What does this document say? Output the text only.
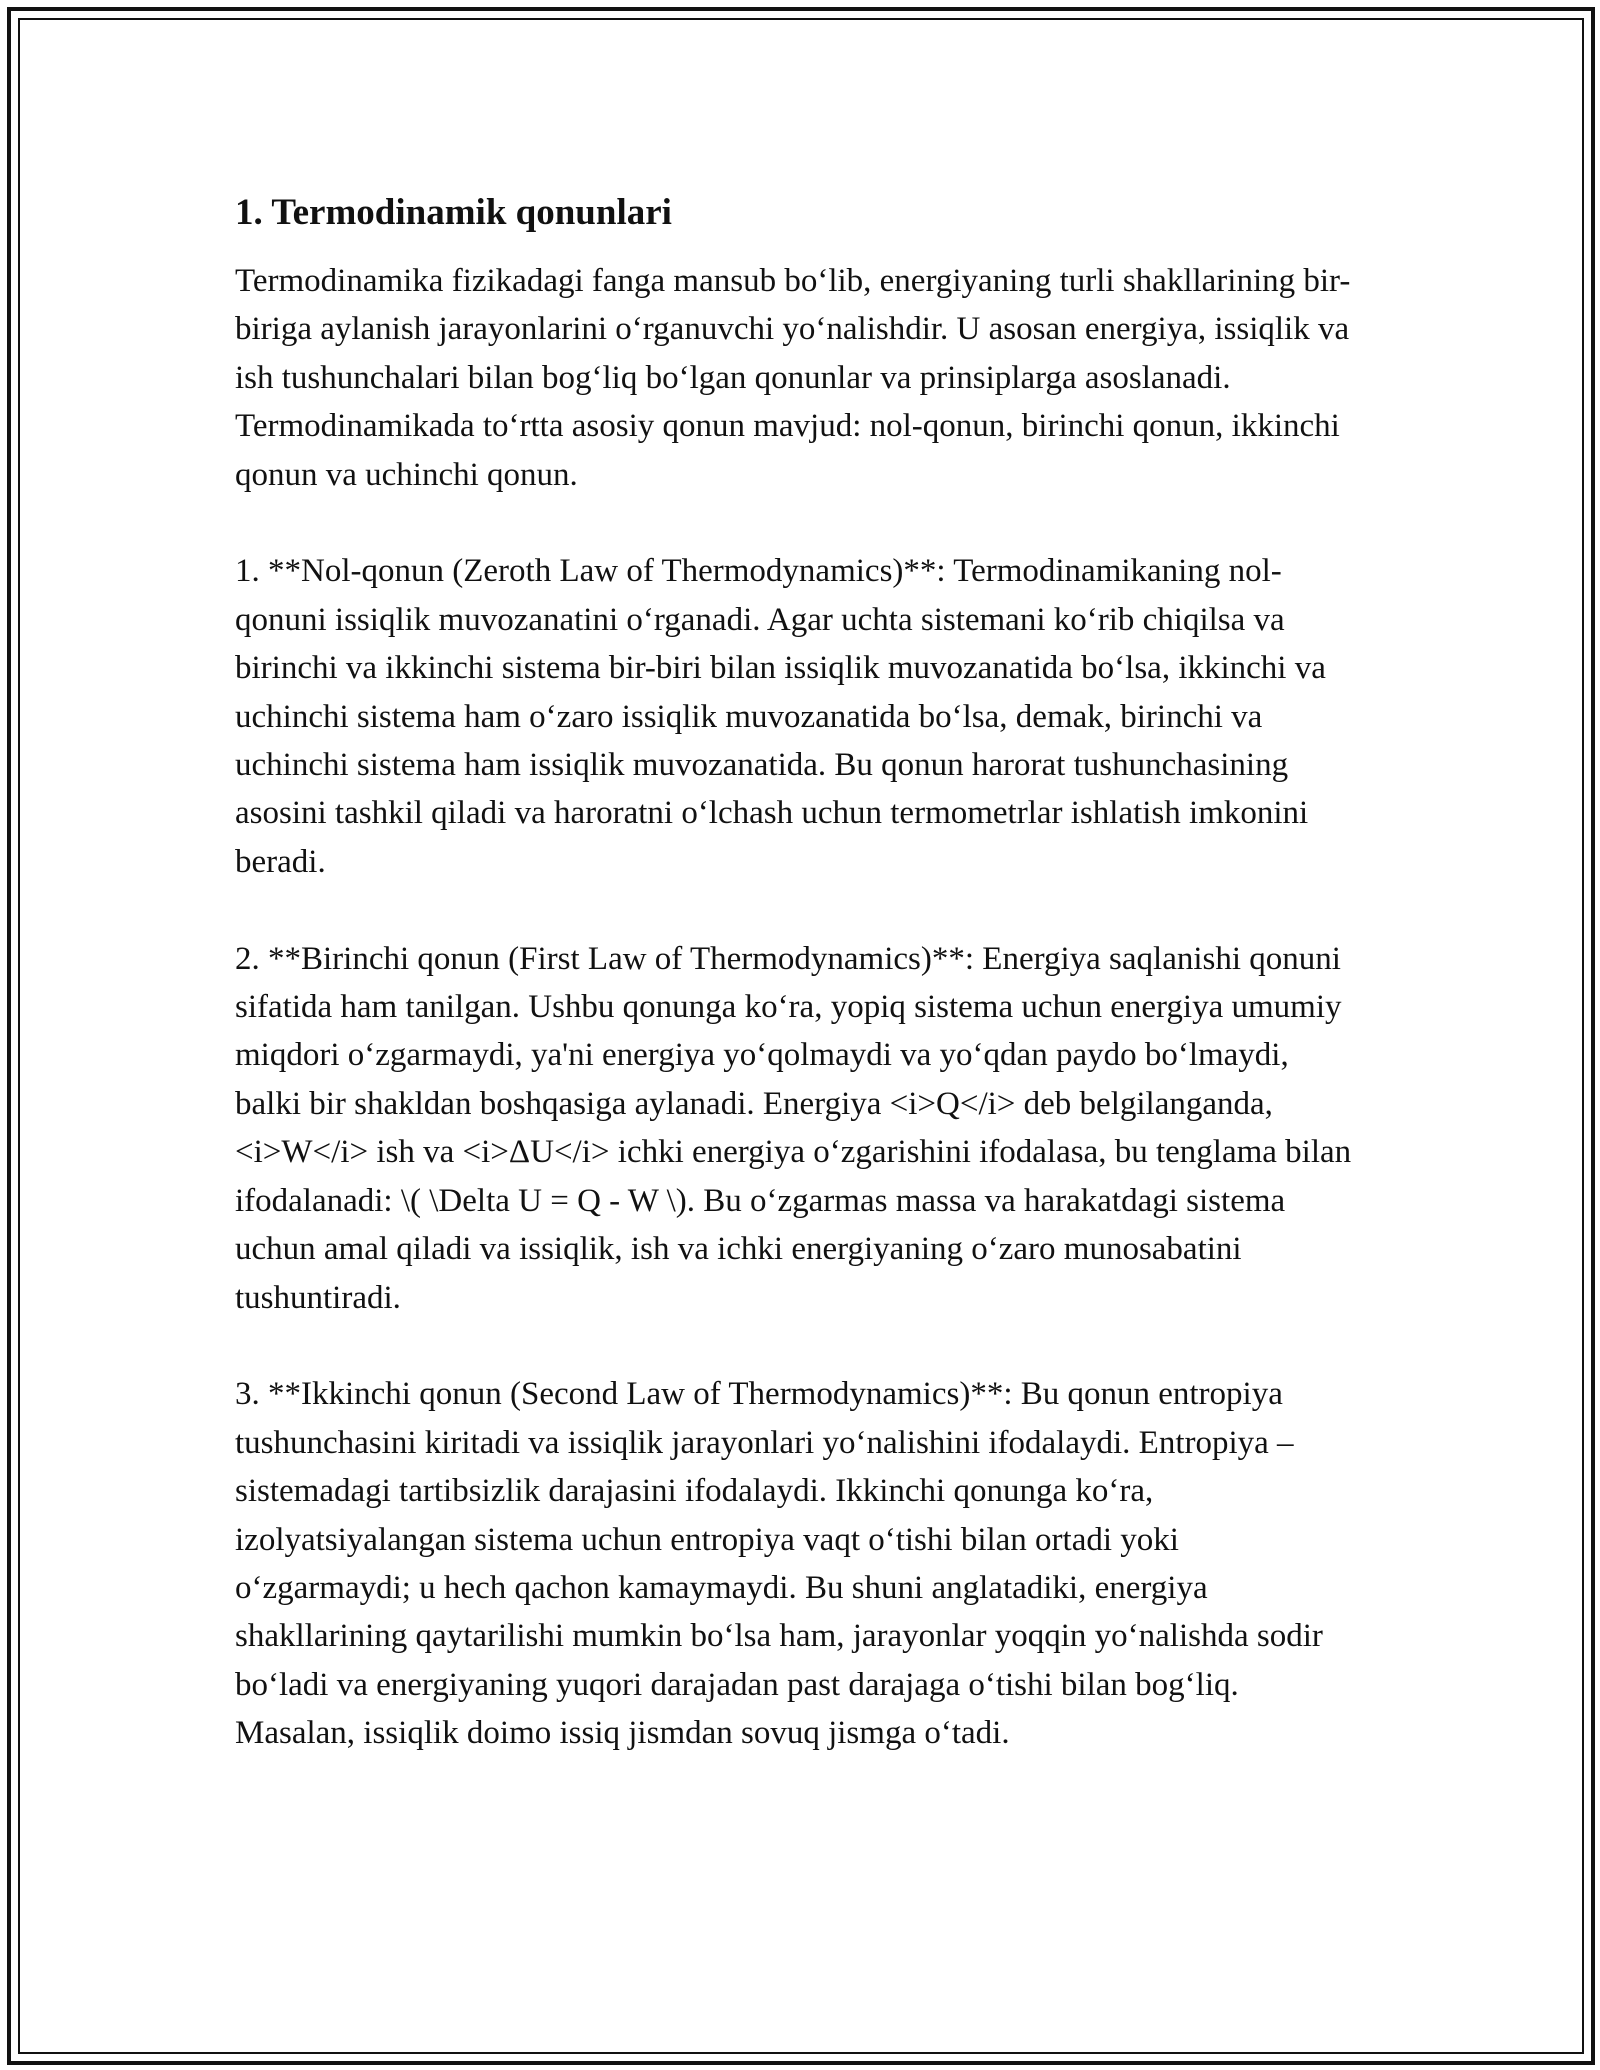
1. Termodinamik qonunlari

Termodinamika fizikadagi fanga mansub bo‘lib, energiyaning turli shakllarining bir-biriga aylanish jarayonlarini o‘rganuvchi yo‘nalishdir. U asosan energiya, issiqlik va ish tushunchalari bilan bog‘liq bo‘lgan qonunlar va prinsiplarga asoslanadi. Termodinamikada to‘rtta asosiy qonun mavjud: nol-qonun, birinchi qonun, ikkinchi qonun va uchinchi qonun.

1. **Nol-qonun (Zeroth Law of Thermodynamics)**: Termodinamikaning nol-qonuni issiqlik muvozanatini o‘rganadi. Agar uchta sistemani ko‘rib chiqilsa va birinchi va ikkinchi sistema bir-biri bilan issiqlik muvozanatida bo‘lsa, ikkinchi va uchinchi sistema ham o‘zaro issiqlik muvozanatida bo‘lsa, demak, birinchi va uchinchi sistema ham issiqlik muvozanatida. Bu qonun harorat tushunchasining asosini tashkil qiladi va haroratni o‘lchash uchun termometrlar ishlatish imkonini beradi.

2. **Birinchi qonun (First Law of Thermodynamics)**: Energiya saqlanishi qonuni sifatida ham tanilgan. Ushbu qonunga ko‘ra, yopiq sistema uchun energiya umumiy miqdori o‘zgarmaydi, ya'ni energiya yo‘qolmaydi va yo‘qdan paydo bo‘lmaydi, balki bir shakldan boshqasiga aylanadi. Energiya <i>Q</i> deb belgilanganda, <i>W</i> ish va <i>ΔU</i> ichki energiya o‘zgarishini ifodalasa, bu tenglama bilan ifodalanadi: \( \Delta U = Q - W \). Bu o‘zgarmas massa va harakatdagi sistema uchun amal qiladi va issiqlik, ish va ichki energiyaning o‘zaro munosabatini tushuntiradi.

3. **Ikkinchi qonun (Second Law of Thermodynamics)**: Bu qonun entropiya tushunchasini kiritadi va issiqlik jarayonlari yo‘nalishini ifodalaydi. Entropiya – sistemadagi tartibsizlik darajasini ifodalaydi. Ikkinchi qonunga ko‘ra, izolyatsiyalangan sistema uchun entropiya vaqt o‘tishi bilan ortadi yoki o‘zgarmaydi; u hech qachon kamaymaydi. Bu shuni anglatadiki, energiya shakllarining qaytarilishi mumkin bo‘lsa ham, jarayonlar yoqqin yo‘nalishda sodir bo‘ladi va energiyaning yuqori darajadan past darajaga o‘tishi bilan bog‘liq. Masalan, issiqlik doimo issiq jismdan sovuq jismga o‘tadi.
